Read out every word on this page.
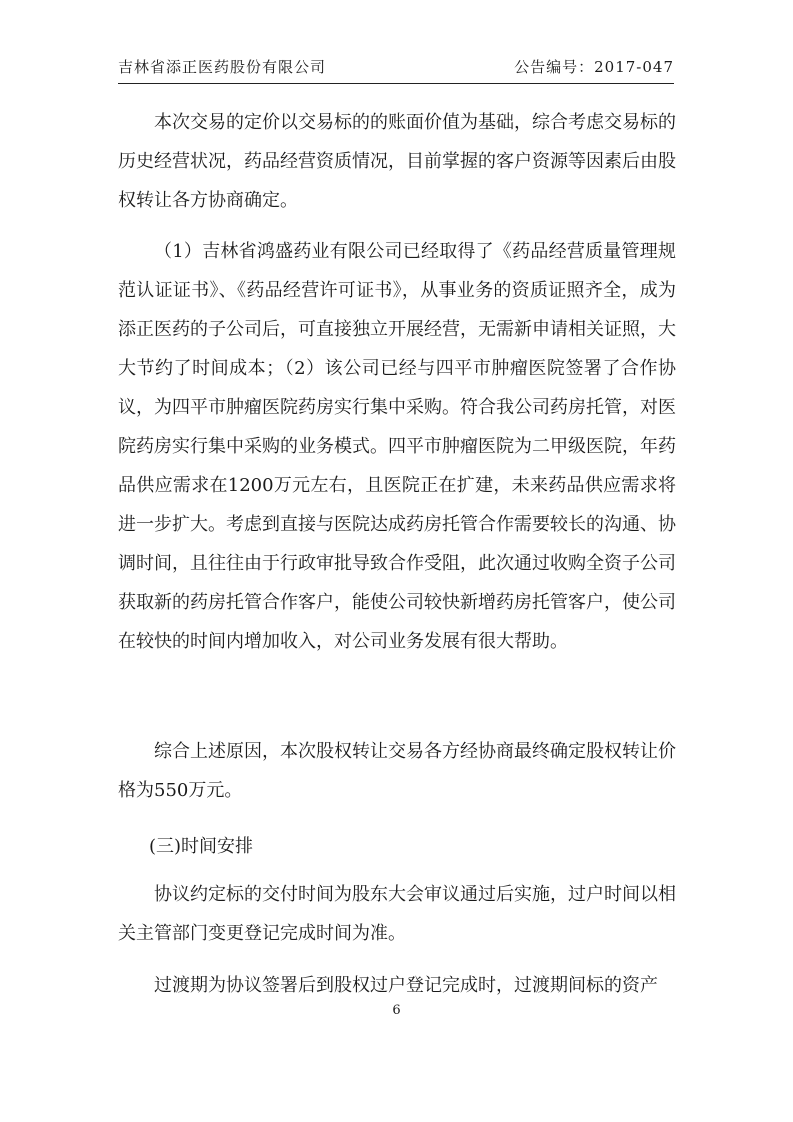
吉林省添正医药股份有限公司	公告编号：2017-047

本次交易的定价以交易标的的账面价值为基础，综合考虑交易标的历史经营状况，药品经营资质情况，目前掌握的客户资源等因素后由股权转让各方协商确定。

（1）吉林省鸿盛药业有限公司已经取得了《药品经营质量管理规范认证证书》、《药品经营许可证书》，从事业务的资质证照齐全，成为添正医药的子公司后，可直接独立开展经营，无需新申请相关证照，大大节约了时间成本；（2）该公司已经与四平市肿瘤医院签署了合作协议，为四平市肿瘤医院药房实行集中采购。符合我公司药房托管，对医院药房实行集中采购的业务模式。四平市肿瘤医院为二甲级医院，年药品供应需求在1200万元左右，且医院正在扩建，未来药品供应需求将进一步扩大。考虑到直接与医院达成药房托管合作需要较长的沟通、协调时间，且往往由于行政审批导致合作受阻，此次通过收购全资子公司获取新的药房托管合作客户，能使公司较快新增药房托管客户，使公司在较快的时间内增加收入，对公司业务发展有很大帮助。

综合上述原因，本次股权转让交易各方经协商最终确定股权转让价格为550万元。

(三)时间安排

协议约定标的交付时间为股东大会审议通过后实施，过户时间以相关主管部门变更登记完成时间为准。

过渡期为协议签署后到股权过户登记完成时，过渡期间标的资产

6
